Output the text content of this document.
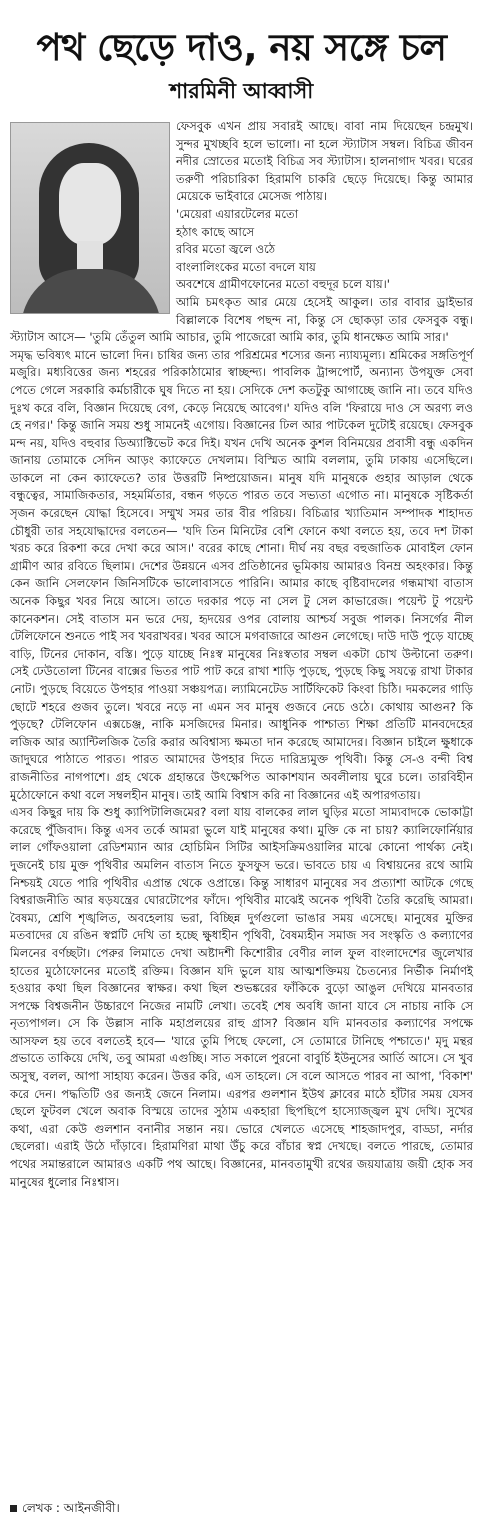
পথ ছেড়ে দাও, নয় সঙ্গে চল
শারমিনী আব্বাসী

ফেসবুক এখন প্রায় সবারই আছে। বাবা নাম দিয়েছেন চন্দ্রমুখ। সুন্দর মুখচ্ছবি হলে ভালো। না হলে স্ট্যাটাস সম্বল। বিচিত্র জীবন নদীর স্রোতের মতোই বিচিত্র সব স্ট্যাটাস। হালনাগাদ খবর। ঘরের তরুণী পরিচারিকা হিরামণি চাকরি ছেড়ে দিয়েছে। কিন্তু আমার মেয়েকে ভাইবারে মেসেজ পাঠায়।

'মেয়েরা এয়ারটেলের মতো

হঠাৎ কাছে আসে

রবির মতো জ্বলে ওঠে

বাংলালিংকের মতো বদলে যায়

অবশেষে গ্রামীণফোনের মতো বহুদূর চলে যায়।'

আমি চমৎকৃত আর মেয়ে হেসেই আকুল। তার বাবার ড্রাইভার বিল্লালকে বিশেষ পছন্দ না, কিন্তু সে ছোকড়া তার ফেসবুক বন্ধু। স্ট্যাটাস আসে— 'তুমি তেঁতুল আমি আচার, তুমি পাজেরো আমি কার, তুমি ধানক্ষেত আমি সার।'

সমৃদ্ধ ভবিষ্যৎ মানে ভালো দিন। চাষির জন্য তার পরিশ্রমের শস্যের জন্য ন্যায্যমূল্য। শ্রমিকের সঙ্গতিপূর্ণ মজুরি। মধ্যবিত্তের জন্য শহরের পরিকাঠামোর স্বাচ্ছন্দ্য। পাবলিক ট্রান্সপোর্ট, অন্যান্য উপযুক্ত সেবা পেতে গেলে সরকারি কর্মচারীকে ঘুষ দিতে না হয়। সেদিকে দেশ কতটুকু আগাচ্ছে জানি না। তবে যদিও দুঃখ করে বলি, বিজ্ঞান দিয়েছে বেগ, কেড়ে নিয়েছে আবেগ।' যদিও বলি 'ফিরায়ে দাও সে অরণ্য লও হে নগর।' কিন্তু জানি সময় শুধু সামনেই এগোয়। বিজ্ঞানের ঢিল আর পাটকেল দুটোই রয়েছে। ফেসবুক মন্দ নয়, যদিও বহুবার ডিঅ্যাক্টিভেট করে দিই। যখন দেখি অনেক কুশল বিনিময়ের প্রবাসী বন্ধু একদিন জানায় তোমাকে সেদিন আড়ং ক্যাফেতে দেখলাম। বিস্মিত আমি বললাম, তুমি ঢাকায় এসেছিলে। ডাকলে না কেন ক্যাফেতে? তার উত্তরটি নিষ্প্রয়োজন। মানুষ যদি মানুষকে গুহার আড়াল থেকে বন্ধুত্বের, সামাজিকতার, সহমর্মিতার, বন্ধন গড়তে পারত তবে সভ্যতা এগোত না। মানুষকে সৃষ্টিকর্তা সৃজন করেছেন যোদ্ধা হিসেবে। সম্মুখ সমর তার বীর পরিচয়। বিচিত্রার খ্যাতিমান সম্পাদক শাহাদত চৌধুরী তার সহযোদ্ধাদের বলতেন— 'যদি তিন মিনিটের বেশি ফোনে কথা বলতে হয়, তবে দশ টাকা খরচ করে রিকশা করে দেখা করে আস।' বরের কাছে শোনা। দীর্ঘ নয় বছর বহুজাতিক মোবাইল ফোন গ্রামীণ আর রবিতে ছিলাম। দেশের উন্নয়নে এসব প্রতিষ্ঠানের ভূমিকায় আমারও বিনম্র অহংকার। কিন্তু কেন জানি সেলফোন জিনিসটিকে ভালোবাসতে পারিনি। আমার কাছে বৃষ্টিবাদলের গন্ধমাখা বাতাস অনেক কিছুর খবর নিয়ে আসে। তাতে দরকার পড়ে না সেল টু সেল কাভারেজ। পয়েন্ট টু পয়েন্ট কানেকশন। সেই বাতাস মন ভরে দেয়, হৃদয়ের ওপর বোলায় আশ্চর্য সবুজ পালক। নিসর্গের নীল টেলিফোনে শুনতে পাই সব খবরাখবর। খবর আসে মগবাজারে আগুন লেগেছে। দাউ দাউ পুড়ে যাচ্ছে বাড়ি, টিনের দোকান, বস্তি। পুড়ে যাচ্ছে নিঃস্ব মানুষের নিঃস্বতার সম্বল একটা চোখ উল্টানো তরুণ। সেই ঢেউতোলা টিনের বাক্সের ভিতর পাট পাট করে রাখা শাড়ি পুড়ছে, পুড়ছে কিছু সযত্নে রাখা টাকার নোট। পুড়ছে বিয়েতে উপহার পাওয়া সঞ্চয়পত্র। ল্যামিনেটেড সার্টিফিকেট কিংবা চিঠি। দমকলের গাড়ি ছোটে শহরে গুজব তুলে। খবরে নড়ে না এমন সব মানুষ গুজবে নেচে ওঠে। কোথায় আগুন? কি পুড়ছে? টেলিফোন এক্সচেঞ্জ, নাকি মসজিদের মিনার। আধুনিক পাশ্চাত্য শিক্ষা প্রতিটি মানবদেহের লজিক আর অ্যান্টিলজিক তৈরি করার অবিশ্বাস্য ক্ষমতা দান করেছে আমাদের। বিজ্ঞান চাইলে ক্ষুধাকে জাদুঘরে পাঠাতে পারত। পারত আমাদের উপহার দিতে দারিদ্র্যমুক্ত পৃথিবী। কিন্তু সে-ও বন্দী বিশ্ব রাজনীতির নাগপাশে। গ্রহ থেকে গ্রহান্তরে উৎক্ষেপিত আকাশযান অবলীলায় ঘুরে চলে। তারবিহীন মুঠোফোনে কথা বলে সম্বলহীন মানুষ। তাই আমি বিশ্বাস করি না বিজ্ঞানের এই অপারগতায়।

এসব কিছুর দায় কি শুধু ক্যাপিটালিজমের? বলা যায় বালকের লাল ঘুড়ির মতো সাম্যবাদকে ভোকাট্টা করেছে পুঁজিবাদ। কিন্তু এসব তর্কে আমরা ভুলে যাই মানুষের কথা। মুক্তি কে না চায়? ক্যালিফোর্নিয়ার লাল গোঁফওয়ালা রেডিশম্যান আর হোচিমিন সিটির আইসক্রিমওয়ালির মাঝে কোনো পার্থক্য নেই। দুজনেই চায় মুক্ত পৃথিবীর অমলিন বাতাস নিতে ফুসফুস ভরে। ভাবতে চায় এ বিশ্বায়নের রথে আমি নিশ্চয়ই যেতে পারি পৃথিবীর এপ্রান্ত থেকে ওপ্রান্তে। কিন্তু সাধারণ মানুষের সব প্রত্যাশা আটকে গেছে বিশ্বরাজনীতি আর ষড়যন্ত্রের ঘোরটোপের ফাঁদে। পৃথিবীর মাঝেই অনেক পৃথিবী তৈরি করেছি আমরা। বৈষম্য, শ্রেণি শৃঙ্খলিত, অবহেলায় ভরা, বিচ্ছিন্ন দুর্গগুলো ভাঙার সময় এসেছে। মানুষের মুক্তির মতবাদের যে রঙিন স্বপ্নটি দেখি তা হচ্ছে ক্ষুধাহীন পৃথিবী, বৈষম্যহীন সমাজ সব সংস্কৃতি ও কল্যাণের মিলনের বর্ণচ্ছটা। পেরুর লিমাতে দেখা অষ্টাদশী কিশোরীর বেণীর লাল ফুল বাংলাদেশের জুলেখার হাতের মুঠোফোনের মতোই রক্তিম। বিজ্ঞান যদি ভুলে যায় আত্মশক্তিময় চৈতন্যের নির্ভীক নির্মাণই হওয়ার কথা ছিল বিজ্ঞানের স্বাক্ষর। কথা ছিল শুভঙ্করের ফাঁকিকে বুড়ো আঙুল দেখিয়ে মানবতার সপক্ষে বিশ্বজনীন উচ্চারণে নিজের নামটি লেখা। তবেই শেষ অবধি জানা যাবে সে নাচায় নাকি সে নৃত্যপাগল। সে কি উল্লাস নাকি মহাপ্রলয়ের রাহু গ্রাস? বিজ্ঞান যদি মানবতার কল্যাণের সপক্ষে আসফল হয় তবে বলতেই হবে— 'যারে তুমি পিছে ফেলো, সে তোমারে টানিছে পশ্চাতে।' মৃদু মন্থর প্রভাতে তাকিয়ে দেখি, তবু আমরা এগুচ্ছি। সাত সকালে পুরনো বাবুর্চি ইউনুসের আর্তি আসে। সে খুব অসুস্থ, বলল, আপা সাহায্য করেন। উত্তর করি, এস তাহলে। সে বলে আসতে পারব না আপা, 'বিকাশ' করে দেন। পদ্ধতিটি ওর জন্যই জেনে নিলাম। এরপর গুলশান ইউথ ক্লাবের মাঠে হাঁটার সময় যেসব ছেলে ফুটবল খেলে অবাক বিস্ময়ে তাদের সুঠাম একহারা ছিপছিপে হাস্যোজ্জ্বল মুখ দেখি। সুখের কথা, এরা কেউ গুলশান বনানীর সন্তান নয়। ভোরে খেলতে এসেছে শাহজাদপুর, বাড্ডা, নর্দার ছেলেরা। এরাই উঠে দাঁড়াবে। হিরামণিরা মাথা উঁচু করে বাঁচার স্বপ্ন দেখছে। বলতে পারছে, তোমার পথের সমান্তরালে আমারও একটি পথ আছে। বিজ্ঞানের, মানবতামুখী রথের জয়যাত্রায় জয়ী হোক সব মানুষের ধুলোর নিঃশ্বাস।

লেখক : আইনজীবী।
